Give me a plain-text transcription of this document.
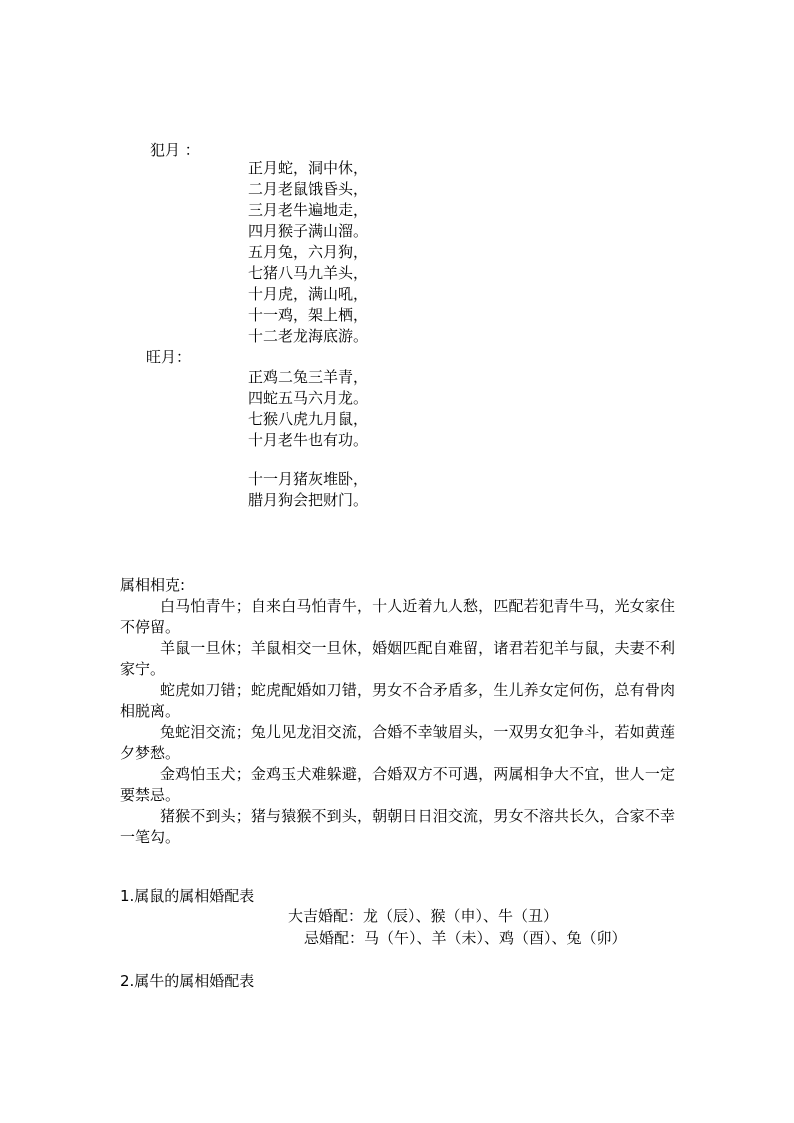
犯月 ：
正月蛇，洞中休，
二月老鼠饿昏头，
三月老牛遍地走，
四月猴子满山溜。
五月兔，六月狗，
七猪八马九羊头，
十月虎，满山吼，
十一鸡，架上栖，
十二老龙海底游。
旺月：
正鸡二兔三羊青，
四蛇五马六月龙。
七猴八虎九月鼠，
十月老牛也有功。
十一月猪灰堆卧，
腊月狗会把财门。
属相相克:

白马怕青牛；自来白马怕青牛，十人近着九人愁，匹配若犯青牛马，光女家住不停留。

羊鼠一旦休；羊鼠相交一旦休，婚姻匹配自难留，诸君若犯羊与鼠，夫妻不利家宁。

蛇虎如刀错；蛇虎配婚如刀错，男女不合矛盾多，生儿养女定何伤，总有骨肉相脱离。

兔蛇泪交流；兔儿见龙泪交流，合婚不幸皱眉头，一双男女犯争斗，若如黄莲夕梦愁。

金鸡怕玉犬；金鸡玉犬难躲避，合婚双方不可遇，两属相争大不宜，世人一定要禁忌。

猪猴不到头；猪与猿猴不到头，朝朝日日泪交流，男女不溶共长久，合家不幸一笔勾。

1.属鼠的属相婚配表
大吉婚配：龙（辰）、猴（申）、牛（丑）
忌婚配：马（午）、羊（未）、鸡（酉）、兔（卯）
2.属牛的属相婚配表
